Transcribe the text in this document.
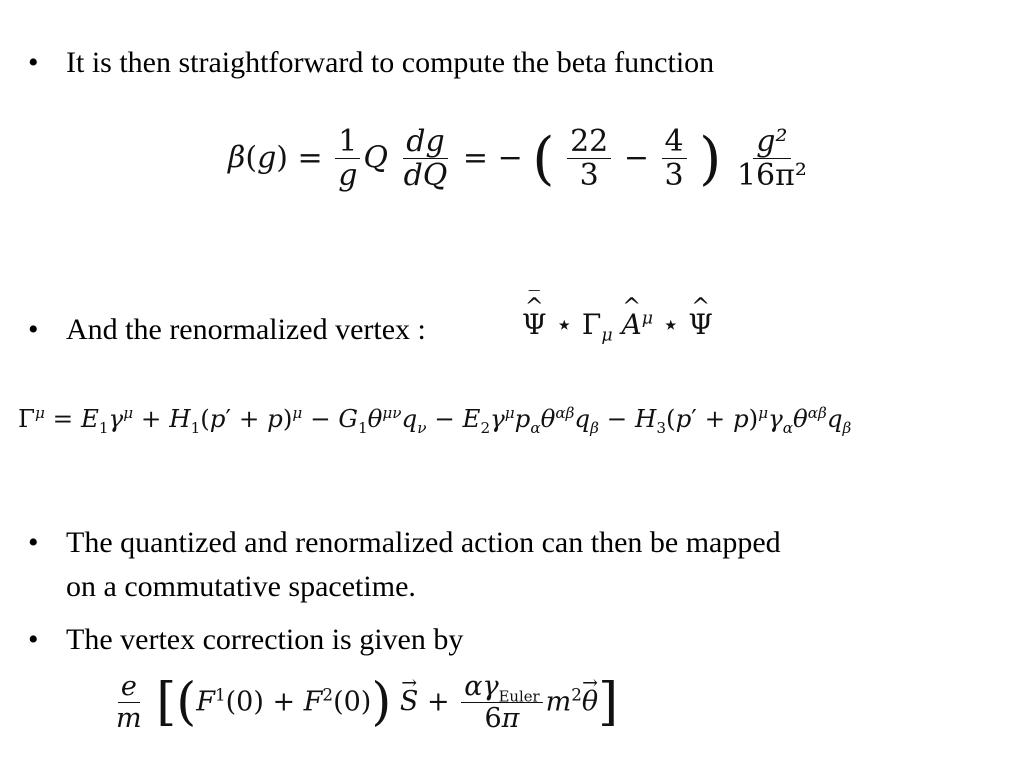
• It is then straightforward to compute the beta function
$\beta(g) = \frac{1}{g}$ Q $\frac{dg}{dQ}$ = − ( $\frac{22}{3} - \frac{4}{3}$ ) $\frac{\text{g²}}{\text{16π²}}$
• And the renormalized vertex :	^ Ψ ‾ ⋆ $\Gamma_\mu$ ^ $A^\mu$ ⋆ ^ Ψ
$\Gamma^\mu = E_1\gamma^\mu + H_1(p' + p)^\mu - G_1\theta^{\mu\nu}q_\nu - E_2\gamma^\mu p_\alpha\theta^{\alpha\beta}q_\beta - H_3(p' + p)^\mu\gamma_\alpha\theta^{\alpha\beta}q_\beta$
• The quantized and renormalized action can then be mapped
on a commutative spacetime.
• The vertex correction is given by
$\frac{e}{m} [(F^1(0) + F^2(0)) \to S + \frac{\alpha\gamma_{Euler}}{6\pi} m^2\to \theta]$
